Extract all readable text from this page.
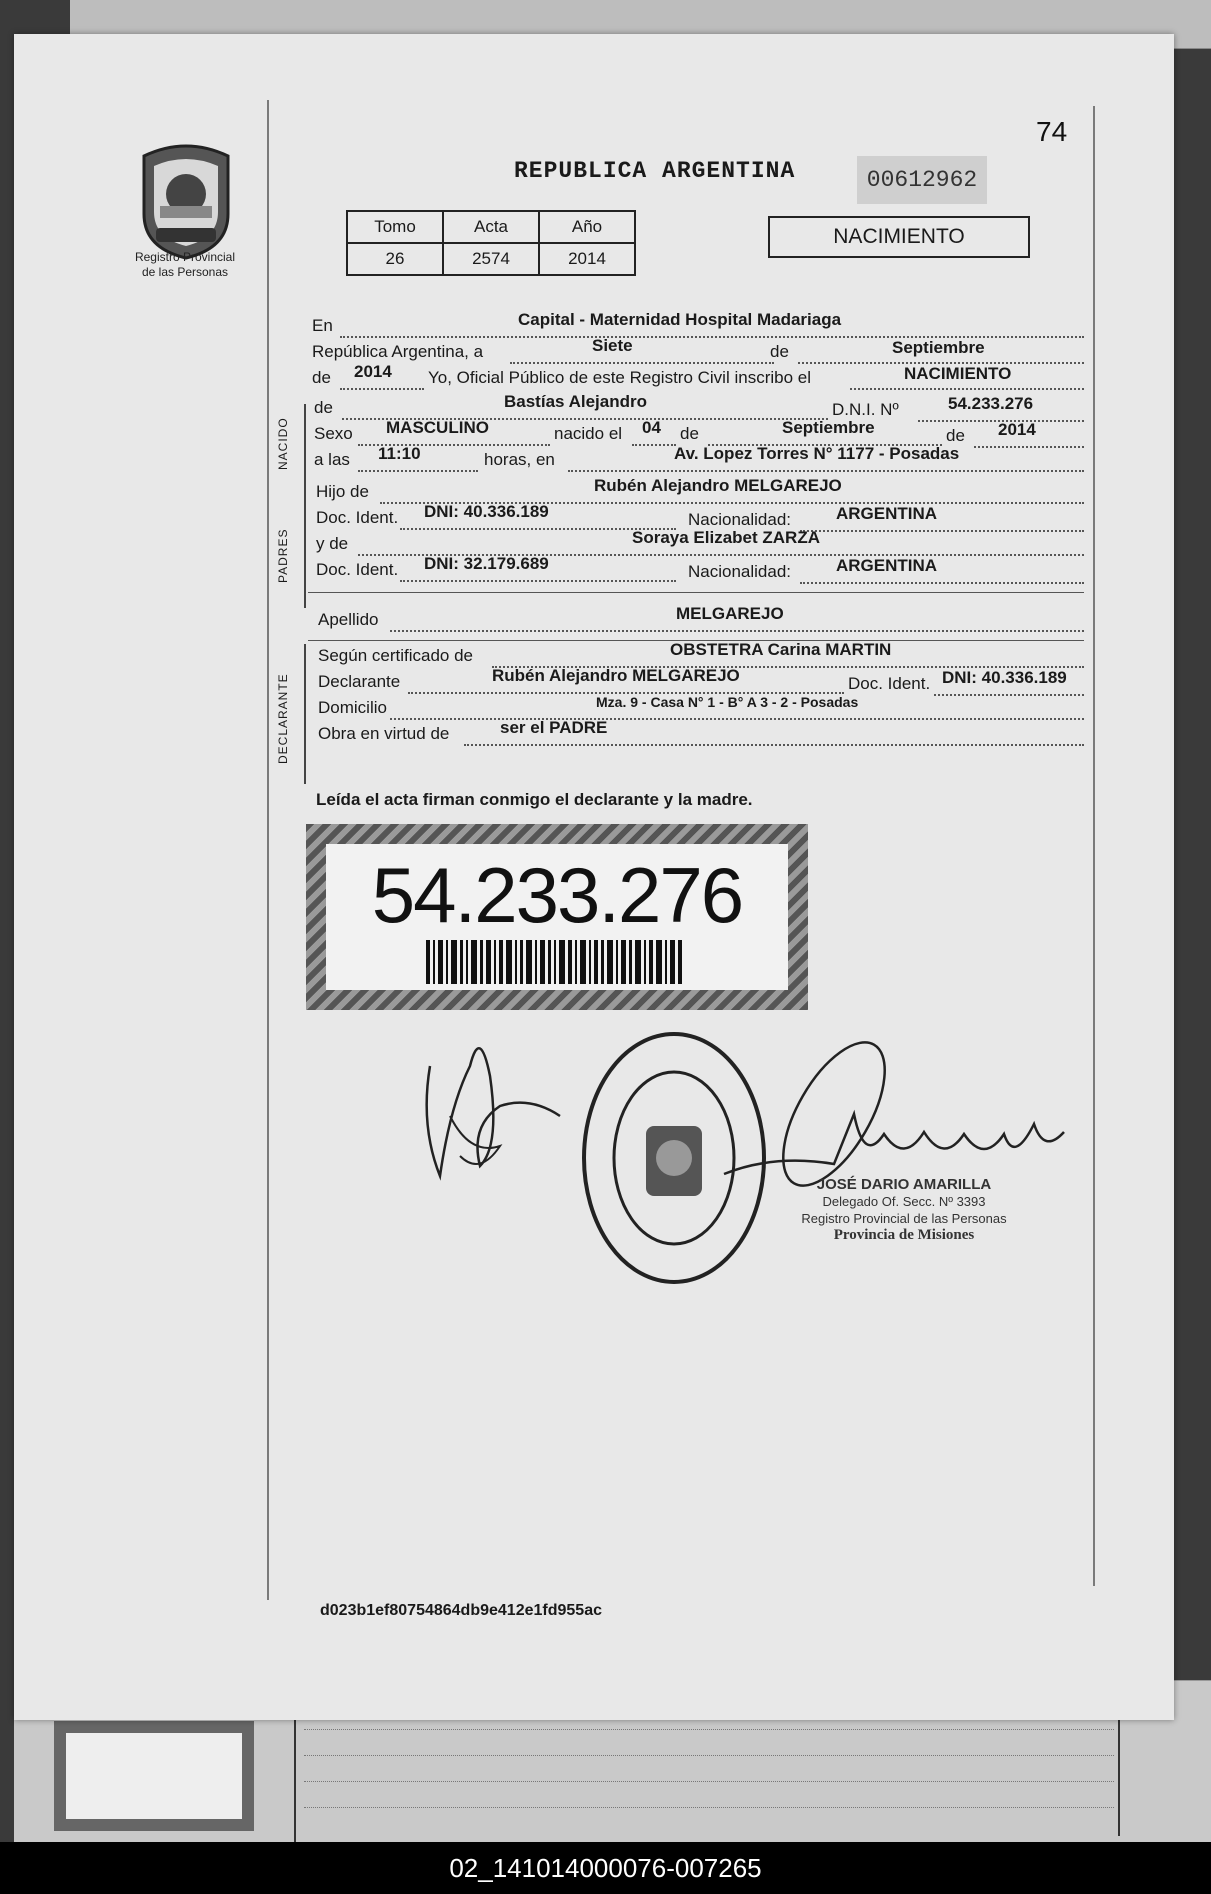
Registro Provincial
de las Personas
74
REPUBLICA ARGENTINA	00612962
Tomo	Acta	Año
26	2574	2014
NACIMIENTO
NACIDO
PADRES
DECLARANTE
En	Capital - Maternidad Hospital Madariaga
República Argentina, a	Siete	de	Septiembre
de 2014 Yo, Oficial Público de este Registro Civil inscribo el	NACIMIENTO
de	Bastías Alejandro	D.N.I. Nº	54.233.276
Sexo MASCULINO	nacido el 04 de	Septiembre	de 2014
a las 11:10	horas, en	Av. Lopez Torres N° 1177 - Posadas
Hijo de	Rubén Alejandro MELGAREJO
Doc. Ident. DNI: 40.336.189	Nacionalidad:	ARGENTINA
y de	Soraya Elizabet ZARZA
Doc. Ident. DNI: 32.179.689	Nacionalidad:	ARGENTINA
Apellido	MELGAREJO
Según certificado de	OBSTETRA Carina MARTIN
Declarante	Rubén Alejandro MELGAREJO	Doc. Ident. DNI: 40.336.189
Domicilio	Mza. 9 - Casa N° 1 - B° A 3 - 2 - Posadas
Obra en virtud de	ser el PADRE
Leída el acta firman conmigo el declarante y la madre.
54.233.276
JOSÉ DARIO AMARILLA
Delegado Of. Secc. Nº 3393
Registro Provincial de las Personas
Provincia de Misiones
d023b1ef80754864db9e412e1fd955ac
02_141014000076-007265
